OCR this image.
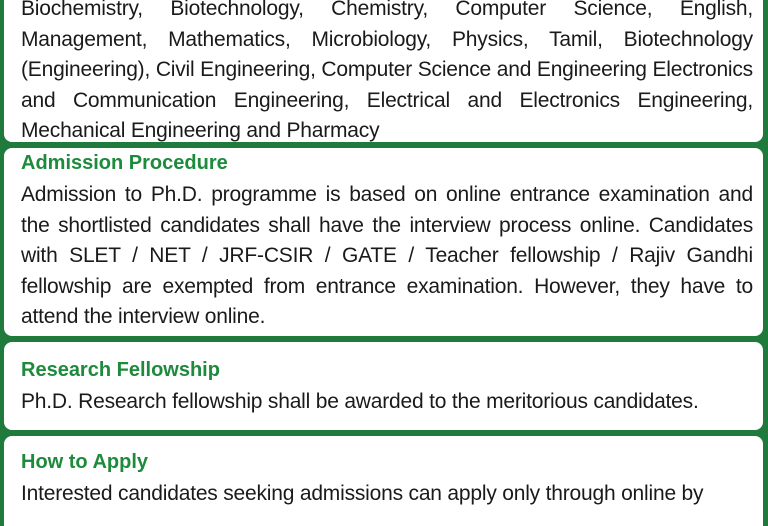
Biochemistry, Biotechnology, Chemistry, Computer Science, English, Management, Mathematics, Microbiology, Physics, Tamil, Biotechnology (Engineering), Civil Engineering, Computer Science and Engineering Electronics and Communication Engineering, Electrical and Electronics Engineering, Mechanical Engineering and Pharmacy
Admission Procedure
Admission to Ph.D. programme is based on online entrance examination and the shortlisted candidates shall have the interview process online. Candidates with SLET / NET / JRF-CSIR / GATE / Teacher fellowship / Rajiv Gandhi fellowship are exempted from entrance examination. However, they have to attend the interview online.
Research Fellowship
Ph.D. Research fellowship shall be awarded to the meritorious candidates.
How to Apply
Interested candidates seeking admissions can apply only through online by
